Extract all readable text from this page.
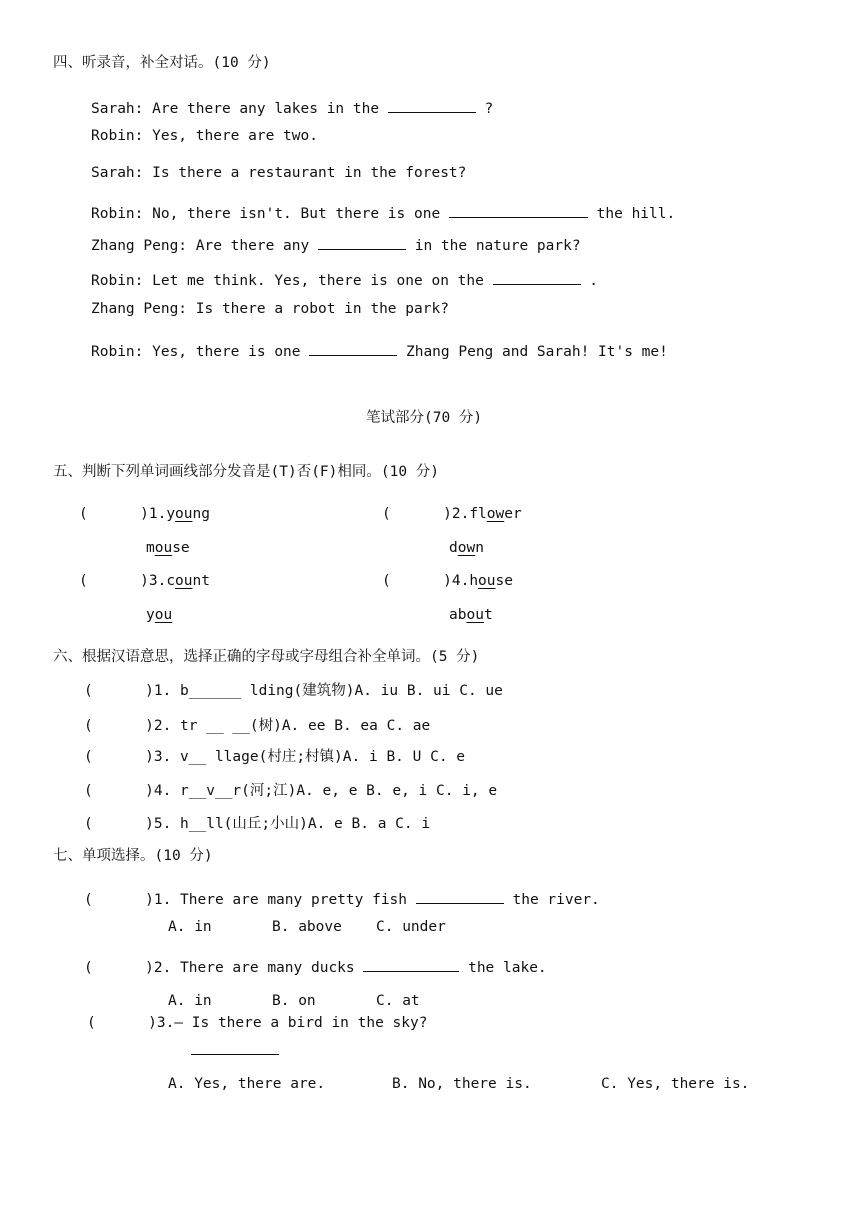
四、听录音，补全对话。(10 分)
Sarah: Are there any lakes in the	?
Robin: Yes, there are two.
Sarah: Is there a restaurant in the forest?
Robin: No, there isn't. But there is one	the hill.
Zhang Peng: Are there any	in the nature park?
Robin: Let me think. Yes, there is one on the	.
Zhang Peng: Is there a robot in the park?
Robin: Yes, there is one	Zhang Peng and Sarah! It's me!
笔试部分(70 分)
五、判断下列单词画线部分发音是(T)否(F)相同。(10 分)
(      )1.young
mouse
(      )2.flower
down
(      )3.count
you
(      )4.house
about
六、根据汉语意思，选择正确的字母或字母组合补全单词。(5 分)
(      )1. b______ lding(建筑物)A. iu B. ui C. ue
(      )2. tr __ __(树)A. ee B. ea C. ae
(      )3. v__ llage(村庄;村镇)A. i B. U C. e
(      )4. r__v__r(河;江)A. e, e B. e, i C. i, e
(      )5. h__ll(山丘;小山)A. e B. a C. i
七、单项选择。(10 分)
(      )1. There are many pretty fish	the river.
A. in	B. above C. under
(      )2. There are many ducks	the lake.
A. in	B. on	C. at
(      )3.— Is there a bird in the sky?
A. Yes, there are.	B. No, there is.	C. Yes, there is.
